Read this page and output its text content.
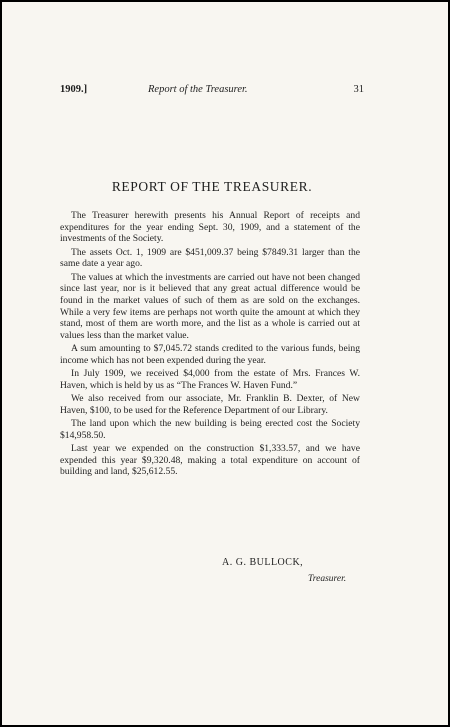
1909.]	Report of the Treasurer.	31
REPORT OF THE TREASURER.

The Treasurer herewith presents his Annual Report of receipts and expenditures for the year ending Sept. 30, 1909, and a statement of the investments of the Society.

The assets Oct. 1, 1909 are $451,009.37 being $7849.31 larger than the same date a year ago.

The values at which the investments are carried out have not been changed since last year, nor is it believed that any great actual difference would be found in the market values of such of them as are sold on the exchanges. While a very few items are perhaps not worth quite the amount at which they stand, most of them are worth more, and the list as a whole is carried out at values less than the market value.

A sum amounting to $7,045.72 stands credited to the various funds, being income which has not been expended during the year.

In July 1909, we received $4,000 from the estate of Mrs. Frances W. Haven, which is held by us as “The Frances W. Haven Fund.”

We also received from our associate, Mr. Franklin B. Dexter, of New Haven, $100, to be used for the Reference Department of our Library.

The land upon which the new building is being erected cost the Society $14,958.50.

Last year we expended on the construction $1,333.57, and we have expended this year $9,320.48, making a total expenditure on account of building and land, $25,612.55.

A. G. BULLOCK,
Treasurer.
